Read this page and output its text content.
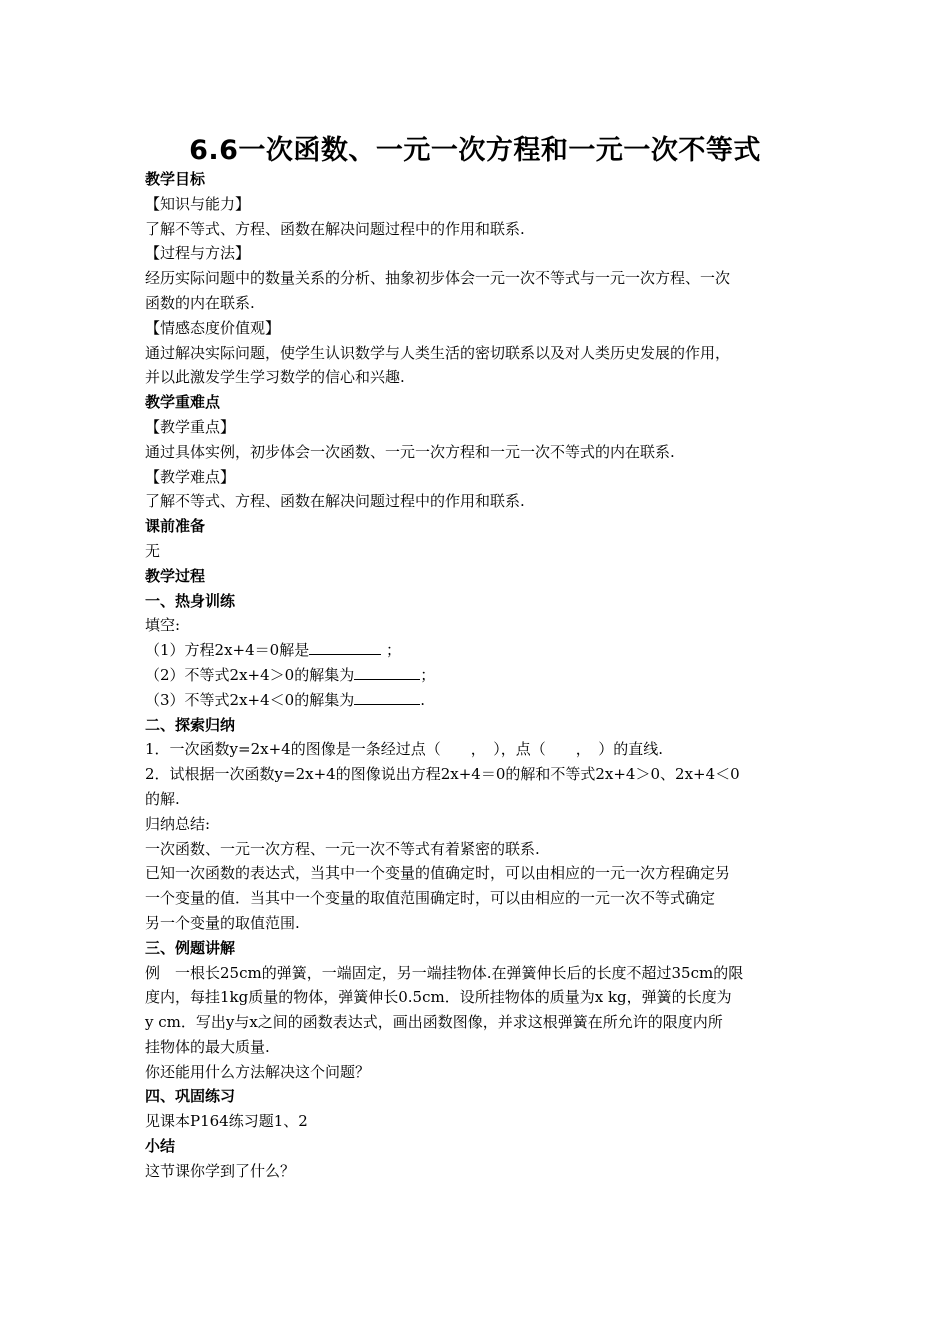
6.6一次函数、一元一次方程和一元一次不等式

教学目标

【知识与能力】

了解不等式、方程、函数在解决问题过程中的作用和联系.

【过程与方法】

经历实际问题中的数量关系的分析、抽象初步体会一元一次不等式与一元一次方程、一次

函数的内在联系.

【情感态度价值观】

通过解决实际问题，使学生认识数学与人类生活的密切联系以及对人类历史发展的作用，

并以此激发学生学习数学的信心和兴趣.

教学重难点

【教学重点】

通过具体实例，初步体会一次函数、一元一次方程和一元一次不等式的内在联系.

【教学难点】

了解不等式、方程、函数在解决问题过程中的作用和联系.

课前准备

无

教学过程

一、热身训练

填空:

（1）方程2x+4＝0解是	；

（2）不等式2x+4＞0的解集为	；

（3）不等式2x+4＜0的解集为	.

二、探索归纳

1．一次函数y=2x+4的图像是一条经过点（　　，　），点（　　，　）的直线.

2．试根据一次函数y=2x+4的图像说出方程2x+4＝0的解和不等式2x+4＞0、2x+4＜0

的解.

归纳总结:

一次函数、一元一次方程、一元一次不等式有着紧密的联系.

已知一次函数的表达式，当其中一个变量的值确定时，可以由相应的一元一次方程确定另

一个变量的值．当其中一个变量的取值范围确定时，可以由相应的一元一次不等式确定

另一个变量的取值范围.

三、例题讲解

例　一根长25cm的弹簧，一端固定，另一端挂物体.在弹簧伸长后的长度不超过35cm的限

度内，每挂1kg质量的物体，弹簧伸长0.5cm．设所挂物体的质量为x kg，弹簧的长度为

y cm．写出y与x之间的函数表达式，画出函数图像，并求这根弹簧在所允许的限度内所

挂物体的最大质量.

你还能用什么方法解决这个问题？

四、巩固练习

见课本P164练习题1、2

小结

这节课你学到了什么？
